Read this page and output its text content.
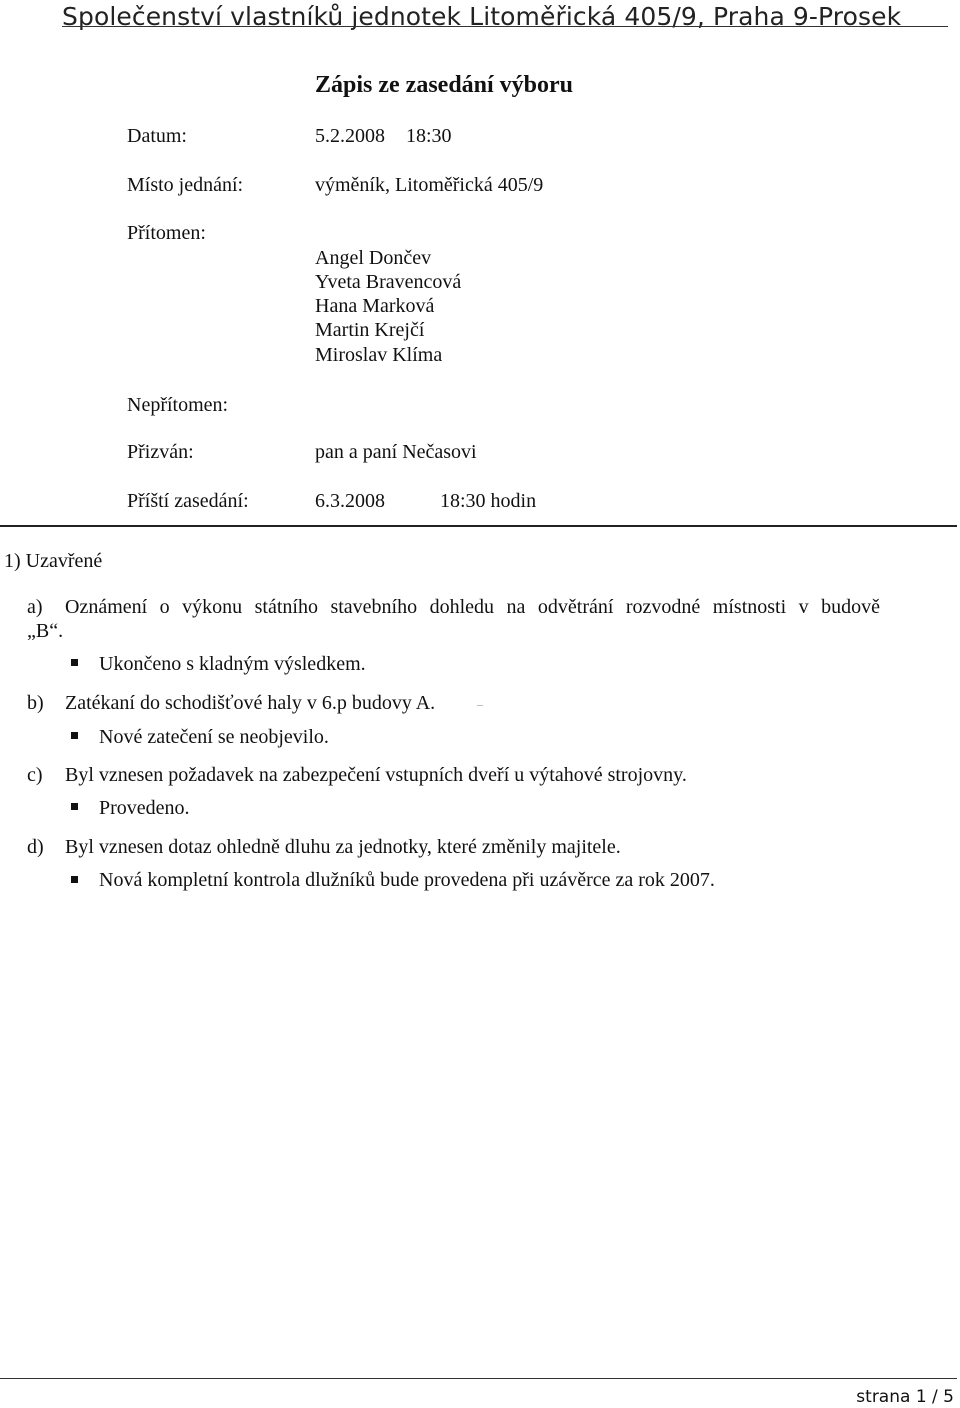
Společenství vlastníků jednotek Litoměřická 405/9, Praha 9-Prosek
Zápis ze zasedání výboru
Datum:	5.2.2008 18:30
Místo jednání:	výměník, Litoměřická 405/9
Přítomen:
Angel Dončev
Yveta Bravencová
Hana Marková
Martin Krejčí
Miroslav Klíma
Nepřítomen:
Přizván:	pan a paní Nečasovi
Příští zasedání:	6.3.2008	18:30 hodin
1) Uzavřené
a) Oznámení o výkonu státního stavebního dohledu na odvětrání rozvodné místnosti v budově
„B“.
Ukončeno s kladným výsledkem.
b) Zatékaní do schodišťové haly v 6.p budovy A.
Nové zatečení se neobjevilo.
c) Byl vznesen požadavek na zabezpečení vstupních dveří u výtahové strojovny.
Provedeno.
d) Byl vznesen dotaz ohledně dluhu za jednotky, které změnily majitele.
Nová kompletní kontrola dlužníků bude provedena při uzávěrce za rok 2007.
strana 1 / 5
